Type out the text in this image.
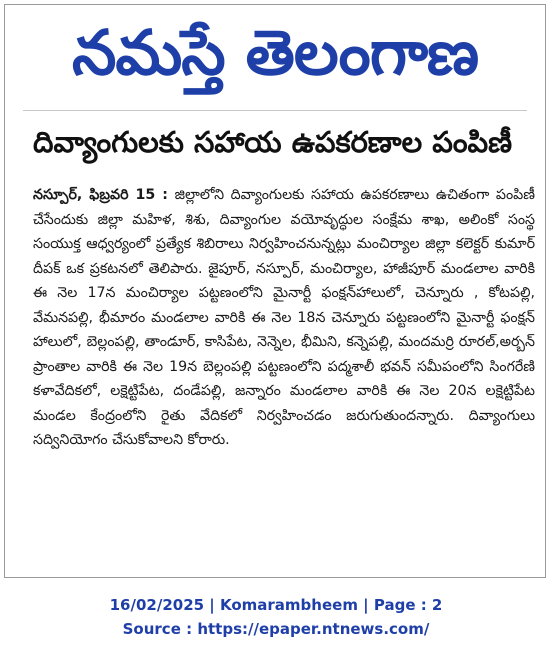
నమస్తే తెలంగాణ
దివ్యాంగులకు సహాయ ఉపకరణాల పంపిణీ

నస్పూర్, ఫిబ్రవరి 15 : జిల్లాలోని దివ్యాంగులకు సహాయ ఉపకరణాలు ఉచితంగా పంపిణీ చేసేందుకు జిల్లా మహిళ, శిశు, దివ్యాంగుల వయోవృద్ధుల సంక్షేమ శాఖ, అలింకో సంస్థ సంయుక్త ఆధ్వర్యంలో ప్రత్యేక శిబిరాలు నిర్వహించనున్నట్లు మంచిర్యాల జిల్లా కలెక్టర్ కుమార్ దీపక్ ఒక ప్రకటనలో తెలిపారు. జైపూర్, నస్పూర్, మంచిర్యాల, హాజీపూర్ మండలాల వారికి ఈ నెల 17న మంచిర్యాల పట్టణంలోని మైనార్టీ ఫంక్షన్‌హాలులో, చెన్నూరు , కోటపల్లి, వేమనపల్లి, భీమారం మండలాల వారికి ఈ నెల 18న చెన్నూరు పట్టణంలోని మైనార్టీ ఫంక్షన్ హాలులో, బెల్లంపల్లి, తాండూర్, కాసిపేట, నెన్నెల, భీమిని, కన్నెపల్లి, మందమర్రి రూరల్,అర్బన్ ప్రాంతాల వారికి ఈ నెల 19న బెల్లంపల్లి పట్టణంలోని పద్మశాలీ భవన్ సమీపంలోని సింగరేణి కళావేదికలో, లక్షెట్టిపేట, దండేపల్లి, జన్నారం మండలాల వారికి ఈ నెల 20న లక్షెట్టిపేట మండల కేంద్రంలోని రైతు వేదికలో నిర్వహించడం జరుగుతుందన్నారు. దివ్యాంగులు సద్వినియోగం చేసుకోవాలని కోరారు.

16/02/2025 | Komarambheem | Page : 2
Source : https://epaper.ntnews.com/
